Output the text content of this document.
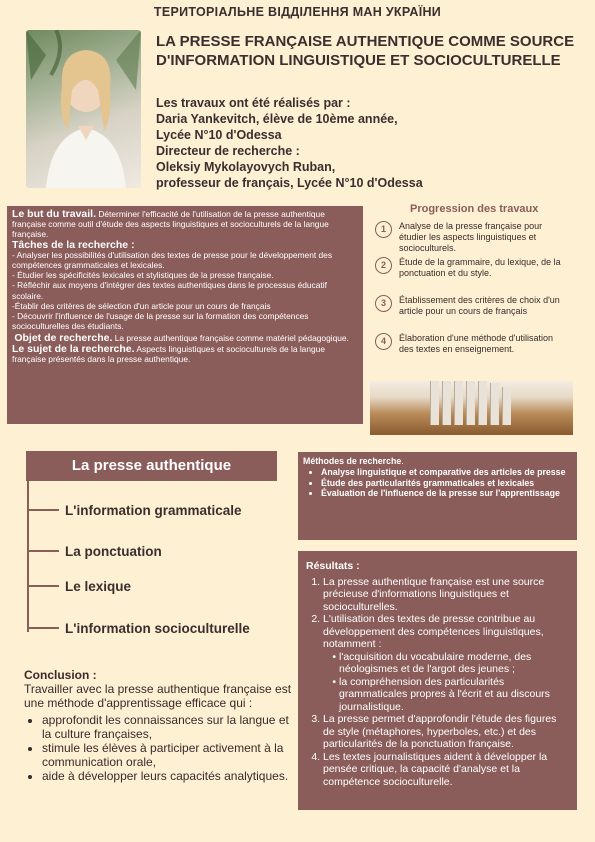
ТЕРИТОРІАЛЬНЕ ВІДДІЛЕННЯ МАН УКРАЇНИ
LA PRESSE FRANÇAISE AUTHENTIQUE COMME SOURCE D'INFORMATION LINGUISTIQUE ET SOCIOCULTURELLE
Les travaux ont été réalisés par :
Daria Yankevitch, élève de 10ème année,
Lycée N°10 d'Odessa
Directeur de recherche :
Oleksiy Mykolayovych Ruban,
professeur de français, Lycée N°10 d'Odessa

Le but du travail. Déterminer l'efficacité de l'utilisation de la presse authentique française comme outil d'étude des aspects linguistiques et socioculturels de la langue française.

Tâches de la recherche :

- Analyser les possibilités d'utilisation des textes de presse pour le développement des compétences grammaticales et lexicales.

- Étudier les spécificités lexicales et stylistiques de la presse française.

- Réfléchir aux moyens d'intégrer des textes authentiques dans le processus éducatif scolaire.

-Établir des critères de sélection d'un article pour un cours de français

- Découvrir l'influence de l'usage de la presse sur la formation des compétences socioculturelles des étudiants.

Objet de recherche. La presse authentique française comme matériel pédagogique.

Le sujet de la recherche. Aspects linguistiques et socioculturels de la langue française présentés dans la presse authentique.

Progression des travaux
1	Analyse de la presse française pour étudier les aspects linguistiques et socioculturels.
2	Étude de la grammaire, du lexique, de la ponctuation et du style.
3	Établissement des critères de choix d'un article pour un cours de français
4	Élaboration d'une méthode d'utilisation des textes en enseignement.
La presse authentique
L'information grammaticale
La ponctuation
Le lexique
L'information socioculturelle
Conclusion :
Travailler avec la presse authentique française est une méthode d'apprentissage efficace qui :
• approfondit les connaissances sur la langue et la culture françaises,
• stimule les élèves à participer activement à la communication orale,
• aide à développer leurs capacités analytiques.
Méthodes de recherche.
• Analyse linguistique et comparative des articles de presse
• Étude des particularités grammaticales et lexicales
• Évaluation de l'influence de la presse sur l'apprentissage
Résultats :
1. La presse authentique française est une source précieuse d'informations linguistiques et socioculturelles.
2. L'utilisation des textes de presse contribue au développement des compétences linguistiques, notamment :
• l'acquisition du vocabulaire moderne, des néologismes et de l'argot des jeunes ;
• la compréhension des particularités grammaticales propres à l'écrit et au discours journalistique.
3. La presse permet d'approfondir l'étude des figures de style (métaphores, hyperboles, etc.) et des particularités de la ponctuation française.
4. Les textes journalistiques aident à développer la pensée critique, la capacité d'analyse et la compétence socioculturelle.
